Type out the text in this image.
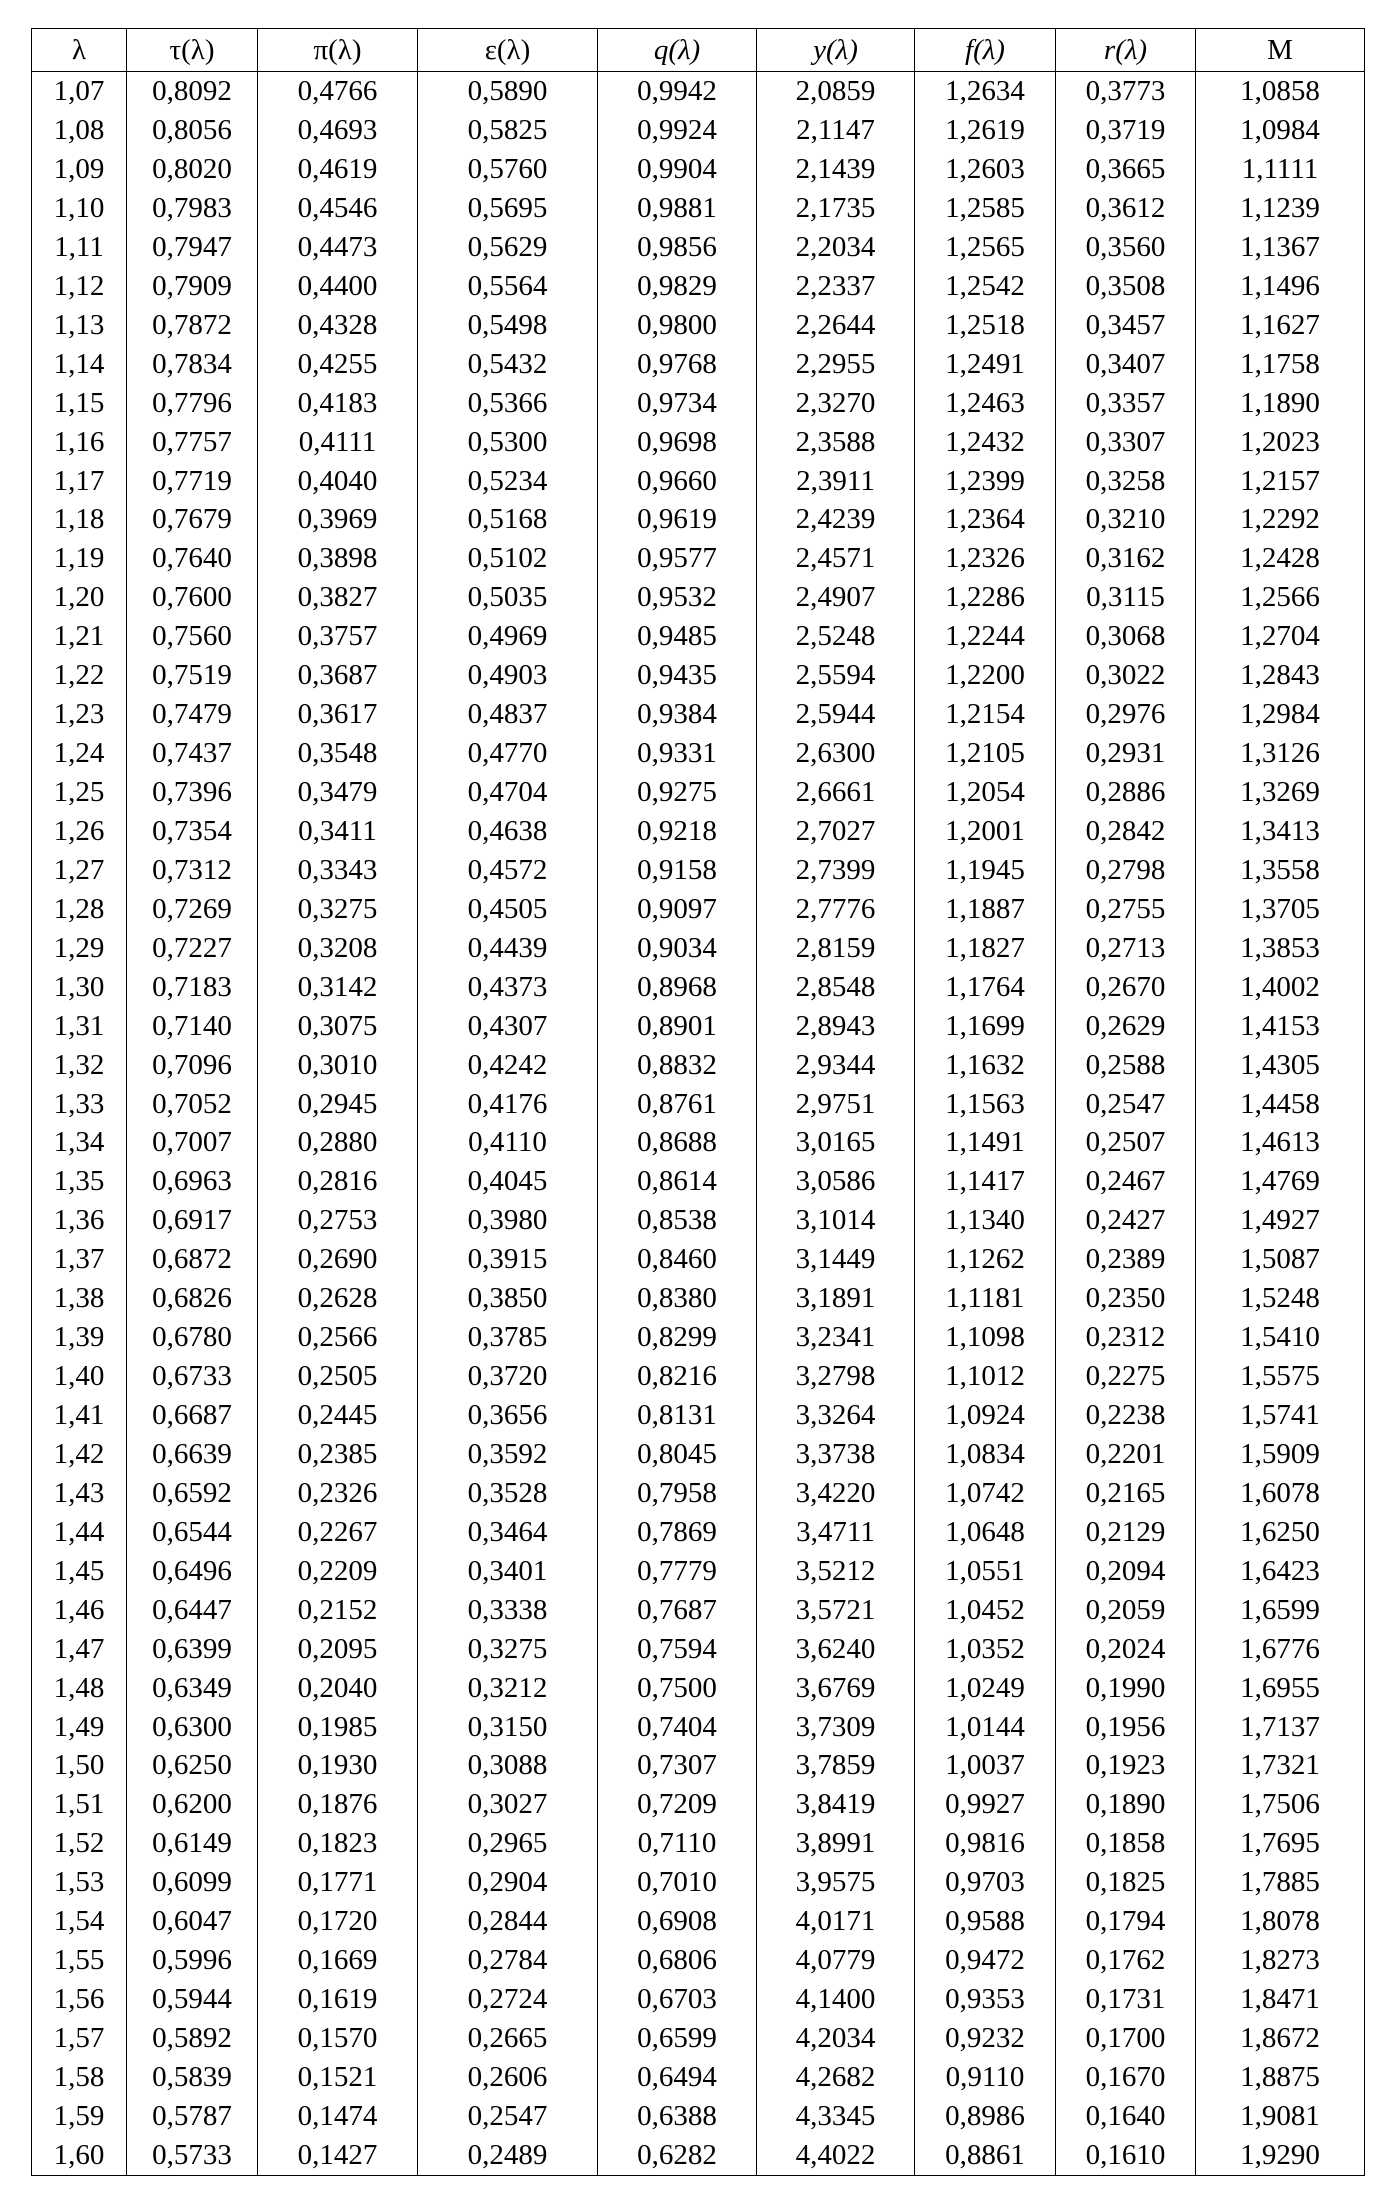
λ	τ(λ)	π(λ)	ε(λ)	q(λ)	y(λ)	f(λ)	r(λ)	M
1,07	0,8092	0,4766	0,5890	0,9942	2,0859	1,2634	0,3773	1,0858
1,08	0,8056	0,4693	0,5825	0,9924	2,1147	1,2619	0,3719	1,0984
1,09	0,8020	0,4619	0,5760	0,9904	2,1439	1,2603	0,3665	1,1111
1,10	0,7983	0,4546	0,5695	0,9881	2,1735	1,2585	0,3612	1,1239
1,11	0,7947	0,4473	0,5629	0,9856	2,2034	1,2565	0,3560	1,1367
1,12	0,7909	0,4400	0,5564	0,9829	2,2337	1,2542	0,3508	1,1496
1,13	0,7872	0,4328	0,5498	0,9800	2,2644	1,2518	0,3457	1,1627
1,14	0,7834	0,4255	0,5432	0,9768	2,2955	1,2491	0,3407	1,1758
1,15	0,7796	0,4183	0,5366	0,9734	2,3270	1,2463	0,3357	1,1890
1,16	0,7757	0,4111	0,5300	0,9698	2,3588	1,2432	0,3307	1,2023
1,17	0,7719	0,4040	0,5234	0,9660	2,3911	1,2399	0,3258	1,2157
1,18	0,7679	0,3969	0,5168	0,9619	2,4239	1,2364	0,3210	1,2292
1,19	0,7640	0,3898	0,5102	0,9577	2,4571	1,2326	0,3162	1,2428
1,20	0,7600	0,3827	0,5035	0,9532	2,4907	1,2286	0,3115	1,2566
1,21	0,7560	0,3757	0,4969	0,9485	2,5248	1,2244	0,3068	1,2704
1,22	0,7519	0,3687	0,4903	0,9435	2,5594	1,2200	0,3022	1,2843
1,23	0,7479	0,3617	0,4837	0,9384	2,5944	1,2154	0,2976	1,2984
1,24	0,7437	0,3548	0,4770	0,9331	2,6300	1,2105	0,2931	1,3126
1,25	0,7396	0,3479	0,4704	0,9275	2,6661	1,2054	0,2886	1,3269
1,26	0,7354	0,3411	0,4638	0,9218	2,7027	1,2001	0,2842	1,3413
1,27	0,7312	0,3343	0,4572	0,9158	2,7399	1,1945	0,2798	1,3558
1,28	0,7269	0,3275	0,4505	0,9097	2,7776	1,1887	0,2755	1,3705
1,29	0,7227	0,3208	0,4439	0,9034	2,8159	1,1827	0,2713	1,3853
1,30	0,7183	0,3142	0,4373	0,8968	2,8548	1,1764	0,2670	1,4002
1,31	0,7140	0,3075	0,4307	0,8901	2,8943	1,1699	0,2629	1,4153
1,32	0,7096	0,3010	0,4242	0,8832	2,9344	1,1632	0,2588	1,4305
1,33	0,7052	0,2945	0,4176	0,8761	2,9751	1,1563	0,2547	1,4458
1,34	0,7007	0,2880	0,4110	0,8688	3,0165	1,1491	0,2507	1,4613
1,35	0,6963	0,2816	0,4045	0,8614	3,0586	1,1417	0,2467	1,4769
1,36	0,6917	0,2753	0,3980	0,8538	3,1014	1,1340	0,2427	1,4927
1,37	0,6872	0,2690	0,3915	0,8460	3,1449	1,1262	0,2389	1,5087
1,38	0,6826	0,2628	0,3850	0,8380	3,1891	1,1181	0,2350	1,5248
1,39	0,6780	0,2566	0,3785	0,8299	3,2341	1,1098	0,2312	1,5410
1,40	0,6733	0,2505	0,3720	0,8216	3,2798	1,1012	0,2275	1,5575
1,41	0,6687	0,2445	0,3656	0,8131	3,3264	1,0924	0,2238	1,5741
1,42	0,6639	0,2385	0,3592	0,8045	3,3738	1,0834	0,2201	1,5909
1,43	0,6592	0,2326	0,3528	0,7958	3,4220	1,0742	0,2165	1,6078
1,44	0,6544	0,2267	0,3464	0,7869	3,4711	1,0648	0,2129	1,6250
1,45	0,6496	0,2209	0,3401	0,7779	3,5212	1,0551	0,2094	1,6423
1,46	0,6447	0,2152	0,3338	0,7687	3,5721	1,0452	0,2059	1,6599
1,47	0,6399	0,2095	0,3275	0,7594	3,6240	1,0352	0,2024	1,6776
1,48	0,6349	0,2040	0,3212	0,7500	3,6769	1,0249	0,1990	1,6955
1,49	0,6300	0,1985	0,3150	0,7404	3,7309	1,0144	0,1956	1,7137
1,50	0,6250	0,1930	0,3088	0,7307	3,7859	1,0037	0,1923	1,7321
1,51	0,6200	0,1876	0,3027	0,7209	3,8419	0,9927	0,1890	1,7506
1,52	0,6149	0,1823	0,2965	0,7110	3,8991	0,9816	0,1858	1,7695
1,53	0,6099	0,1771	0,2904	0,7010	3,9575	0,9703	0,1825	1,7885
1,54	0,6047	0,1720	0,2844	0,6908	4,0171	0,9588	0,1794	1,8078
1,55	0,5996	0,1669	0,2784	0,6806	4,0779	0,9472	0,1762	1,8273
1,56	0,5944	0,1619	0,2724	0,6703	4,1400	0,9353	0,1731	1,8471
1,57	0,5892	0,1570	0,2665	0,6599	4,2034	0,9232	0,1700	1,8672
1,58	0,5839	0,1521	0,2606	0,6494	4,2682	0,9110	0,1670	1,8875
1,59	0,5787	0,1474	0,2547	0,6388	4,3345	0,8986	0,1640	1,9081
1,60	0,5733	0,1427	0,2489	0,6282	4,4022	0,8861	0,1610	1,9290
